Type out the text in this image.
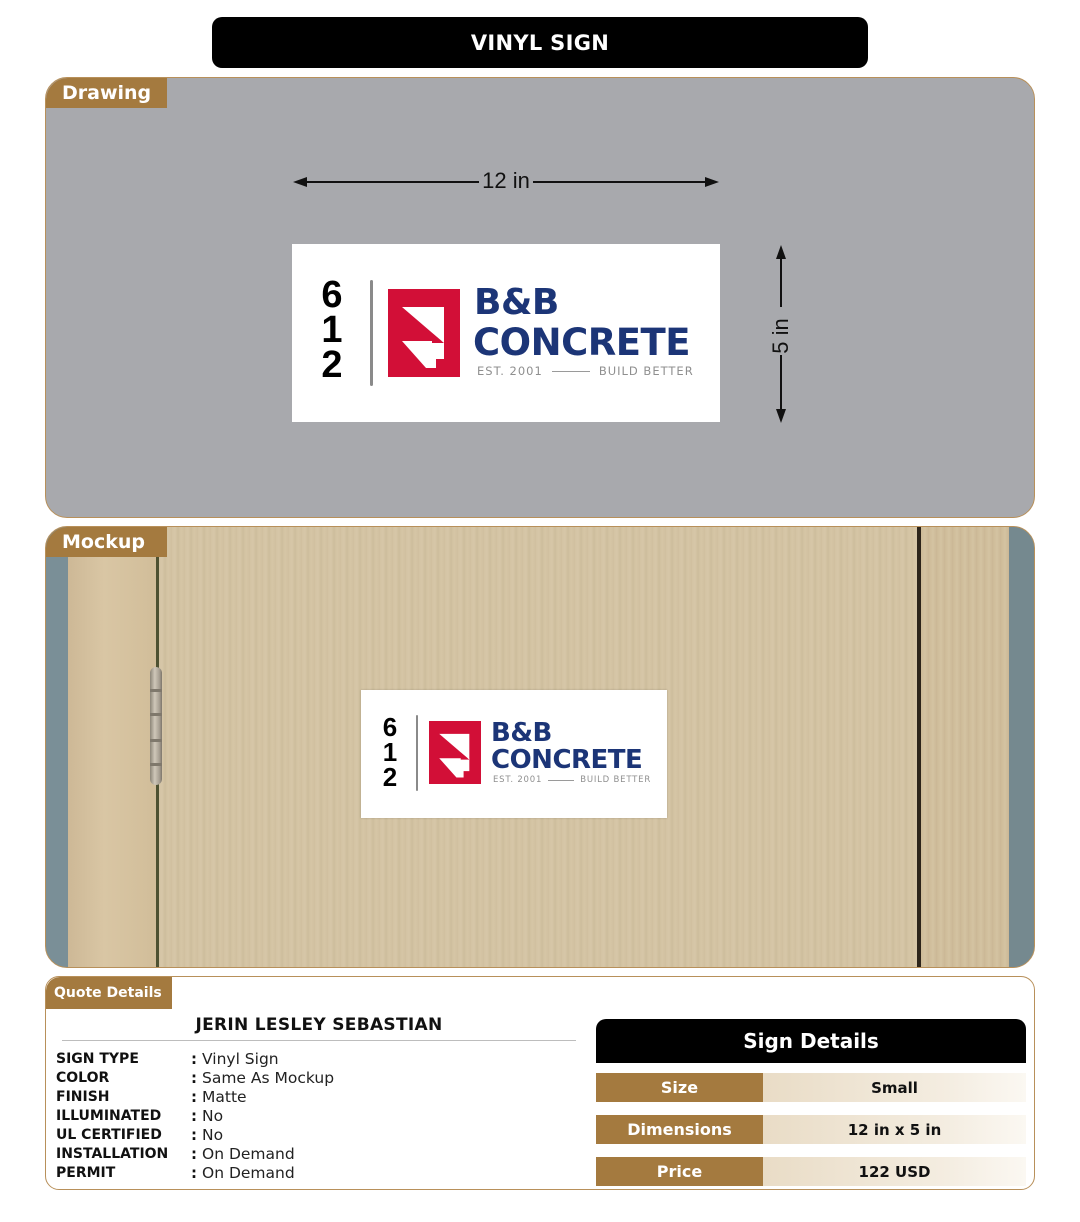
VINYL SIGN
Drawing
12 in
6
1
2
B&B
CONCRETE
EST. 2001	BUILD BETTER
5 in
Mockup
6
1
2
B&B
CONCRETE
EST. 2001	BUILD BETTER
Quote Details
JERIN LESLEY SEBASTIAN
SIGN TYPE	: Vinyl Sign
COLOR	: Same As Mockup
FINISH	: Matte
ILLUMINATED	: No
UL CERTIFIED	: No
INSTALLATION	: On Demand
PERMIT	: On Demand
Sign Details
Size	Small
Dimensions	12 in x 5 in
Price	122 USD
